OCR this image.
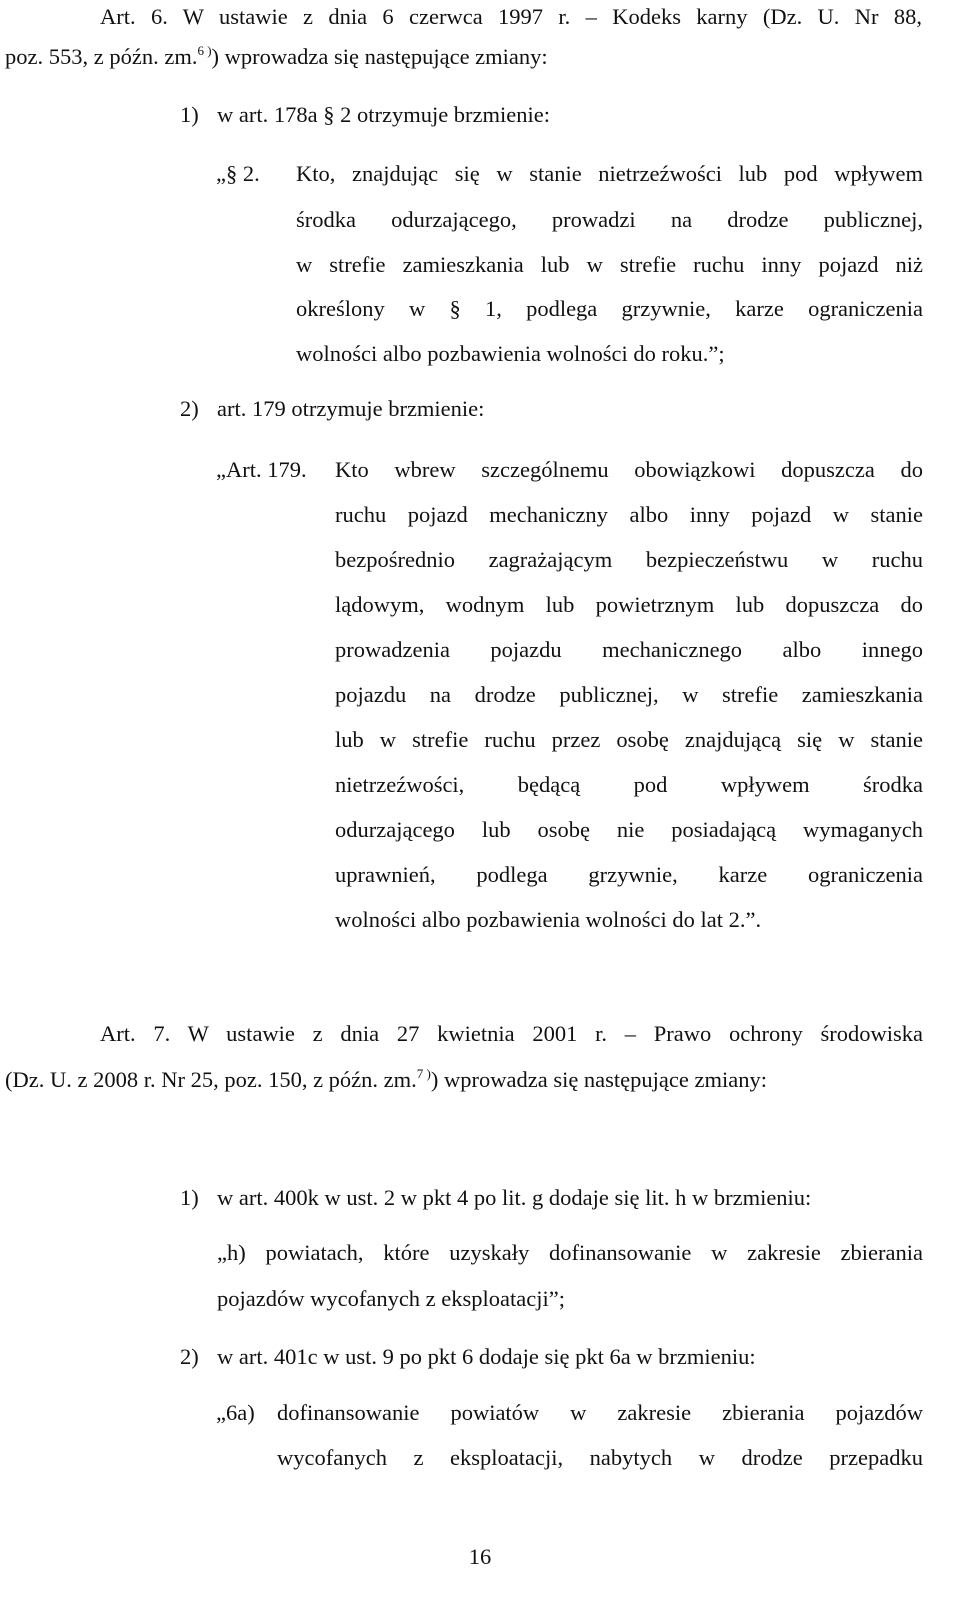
Art. 6. W ustawie z dnia 6 czerwca 1997 r. – Kodeks karny (Dz. U. Nr 88,
poz. 553, z późn. zm.$^{6 )}$) wprowadza się następujące zmiany:
1) w art. 178a § 2 otrzymuje brzmienie:
„§ 2. Kto, znajdując się w stanie nietrzeźwości lub pod wpływem
środka odurzającego, prowadzi na drodze publicznej,
w strefie zamieszkania lub w strefie ruchu inny pojazd niż
określony w § 1, podlega grzywnie, karze ograniczenia
wolności albo pozbawienia wolności do roku.”;
2) art. 179 otrzymuje brzmienie:
„Art. 179. Kto wbrew szczególnemu obowiązkowi dopuszcza do
ruchu pojazd mechaniczny albo inny pojazd w stanie
bezpośrednio zagrażającym bezpieczeństwu w ruchu
lądowym, wodnym lub powietrznym lub dopuszcza do
prowadzenia pojazdu mechanicznego albo innego
pojazdu na drodze publicznej, w strefie zamieszkania
lub w strefie ruchu przez osobę znajdującą się w stanie
nietrzeźwości, będącą pod wpływem środka
odurzającego lub osobę nie posiadającą wymaganych
uprawnień, podlega grzywnie, karze ograniczenia
wolności albo pozbawienia wolności do lat 2.”.
Art. 7. W ustawie z dnia 27 kwietnia 2001 r. – Prawo ochrony środowiska
(Dz. U. z 2008 r. Nr 25, poz. 150, z późn. zm.$^{7 )}$) wprowadza się następujące zmiany:
1) w art. 400k w ust. 2 w pkt 4 po lit. g dodaje się lit. h w brzmieniu:
„h) powiatach, które uzyskały dofinansowanie w zakresie zbierania
pojazdów wycofanych z eksploatacji”;
2) w art. 401c w ust. 9 po pkt 6 dodaje się pkt 6a w brzmieniu:
„6a) dofinansowanie powiatów w zakresie zbierania pojazdów
wycofanych z eksploatacji, nabytych w drodze przepadku
16
